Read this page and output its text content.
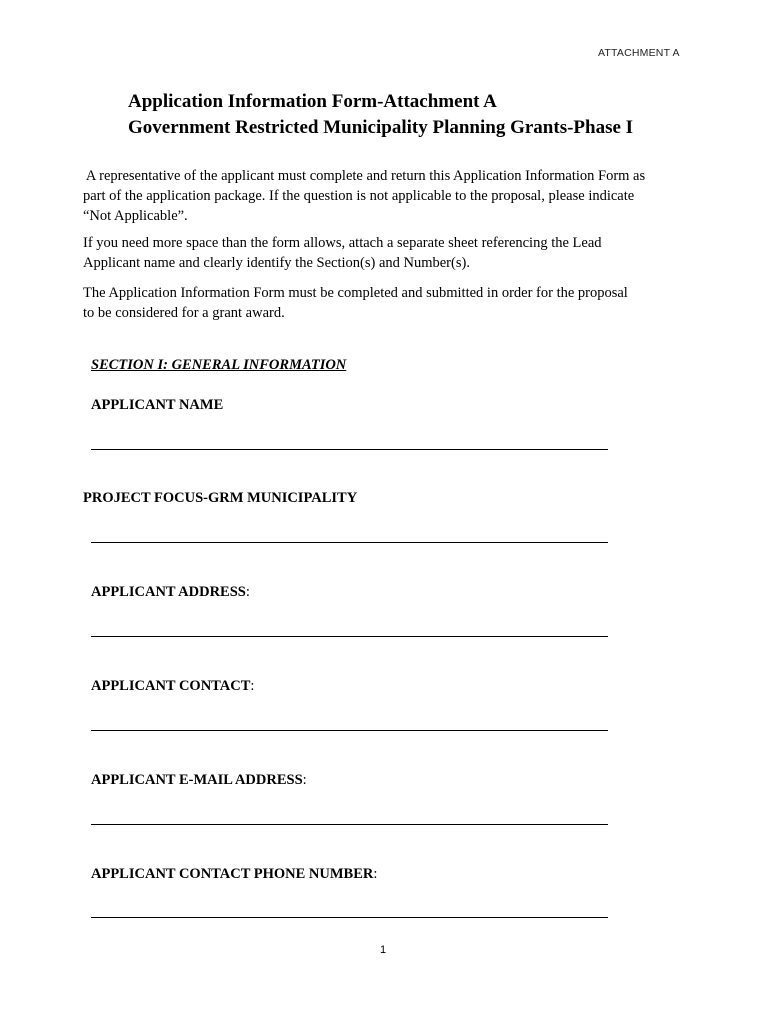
ATTACHMENT A
Application Information Form-Attachment A
Government Restricted Municipality Planning Grants-Phase I
A representative of the applicant must complete and return this Application Information Form as
part of the application package. If the question is not applicable to the proposal, please indicate
“Not Applicable”.
If you need more space than the form allows, attach a separate sheet referencing the Lead
Applicant name and clearly identify the Section(s) and Number(s).
The Application Information Form must be completed and submitted in order for the proposal
to be considered for a grant award.
SECTION I: GENERAL INFORMATION
APPLICANT NAME
PROJECT FOCUS-GRM MUNICIPALITY
APPLICANT ADDRESS:
APPLICANT CONTACT:
APPLICANT E-MAIL ADDRESS:
APPLICANT CONTACT PHONE NUMBER:
1
